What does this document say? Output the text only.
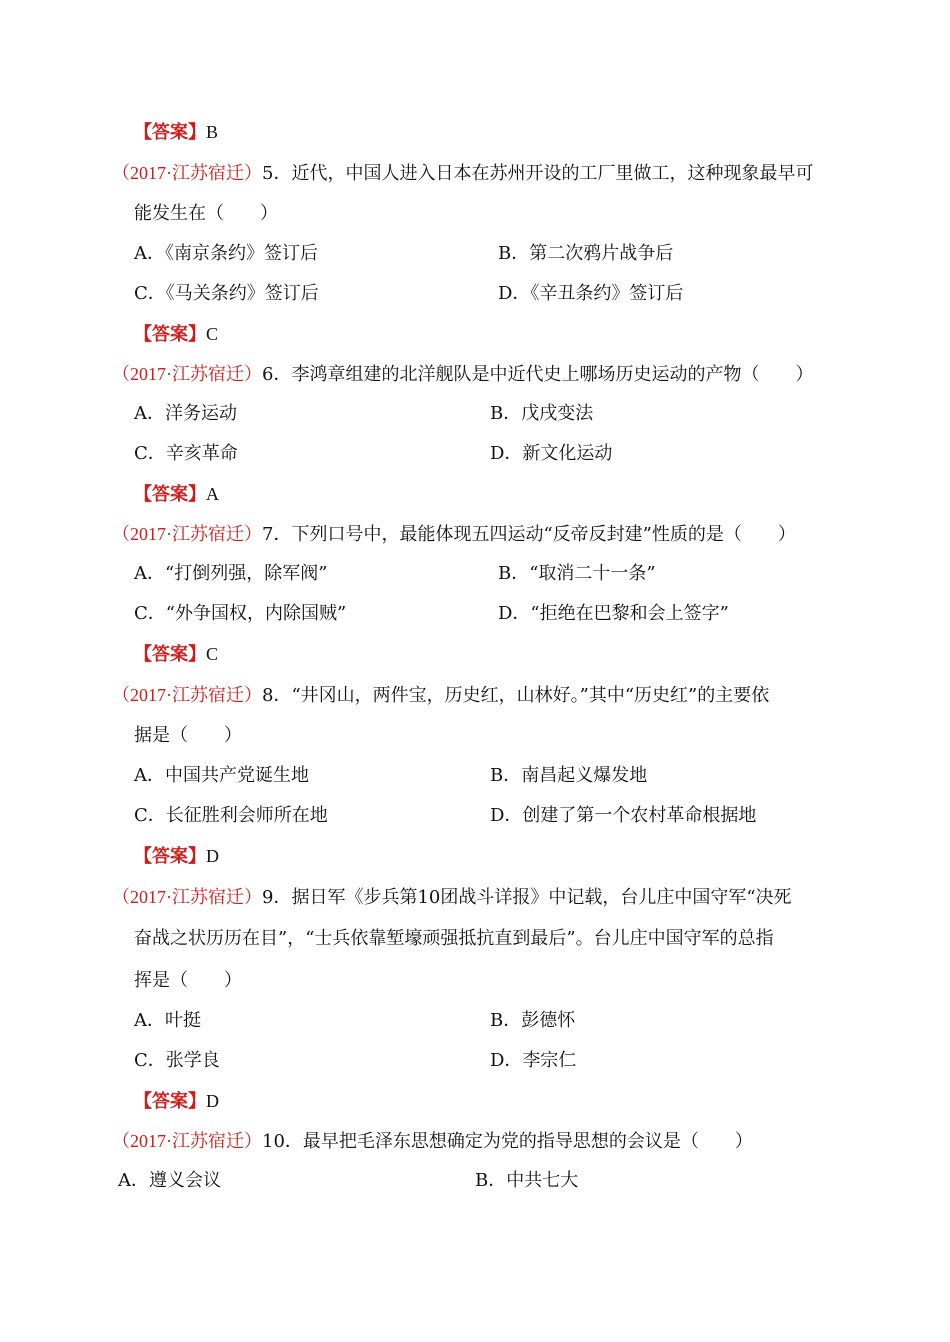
【答案】B
（2017·江苏宿迁）5．近代，中国人进入日本在苏州开设的工厂里做工，这种现象最早可
能发生在（　　）
A．《南京条约》签订后	B．第二次鸦片战争后
C．《马关条约》签订后	D．《辛丑条约》签订后
【答案】C
（2017·江苏宿迁）6．李鸿章组建的北洋舰队是中近代史上哪场历史运动的产物（　　）
A．洋务运动	B．戊戌变法
C．辛亥革命	D．新文化运动
【答案】A
（2017·江苏宿迁）7．下列口号中，最能体现五四运动“反帝反封建”性质的是（　　）
A．“打倒列强，除军阀”	B．“取消二十一条”
C．“外争国权，内除国贼”	D．“拒绝在巴黎和会上签字”
【答案】C
（2017·江苏宿迁）8．“井冈山，两件宝，历史红，山林好。”其中“历史红”的主要依
据是（　　）
A．中国共产党诞生地	B．南昌起义爆发地
C．长征胜利会师所在地	D．创建了第一个农村革命根据地
【答案】D
（2017·江苏宿迁）9．据日军《步兵第10团战斗详报》中记载，台儿庄中国守军“决死
奋战之状历历在目”，“士兵依靠堑壕顽强抵抗直到最后”。台儿庄中国守军的总指
挥是（　　）
A．叶挺	B．彭德怀
C．张学良	D．李宗仁
【答案】D
（2017·江苏宿迁）10．最早把毛泽东思想确定为党的指导思想的会议是（　　）
A．遵义会议	B．中共七大
